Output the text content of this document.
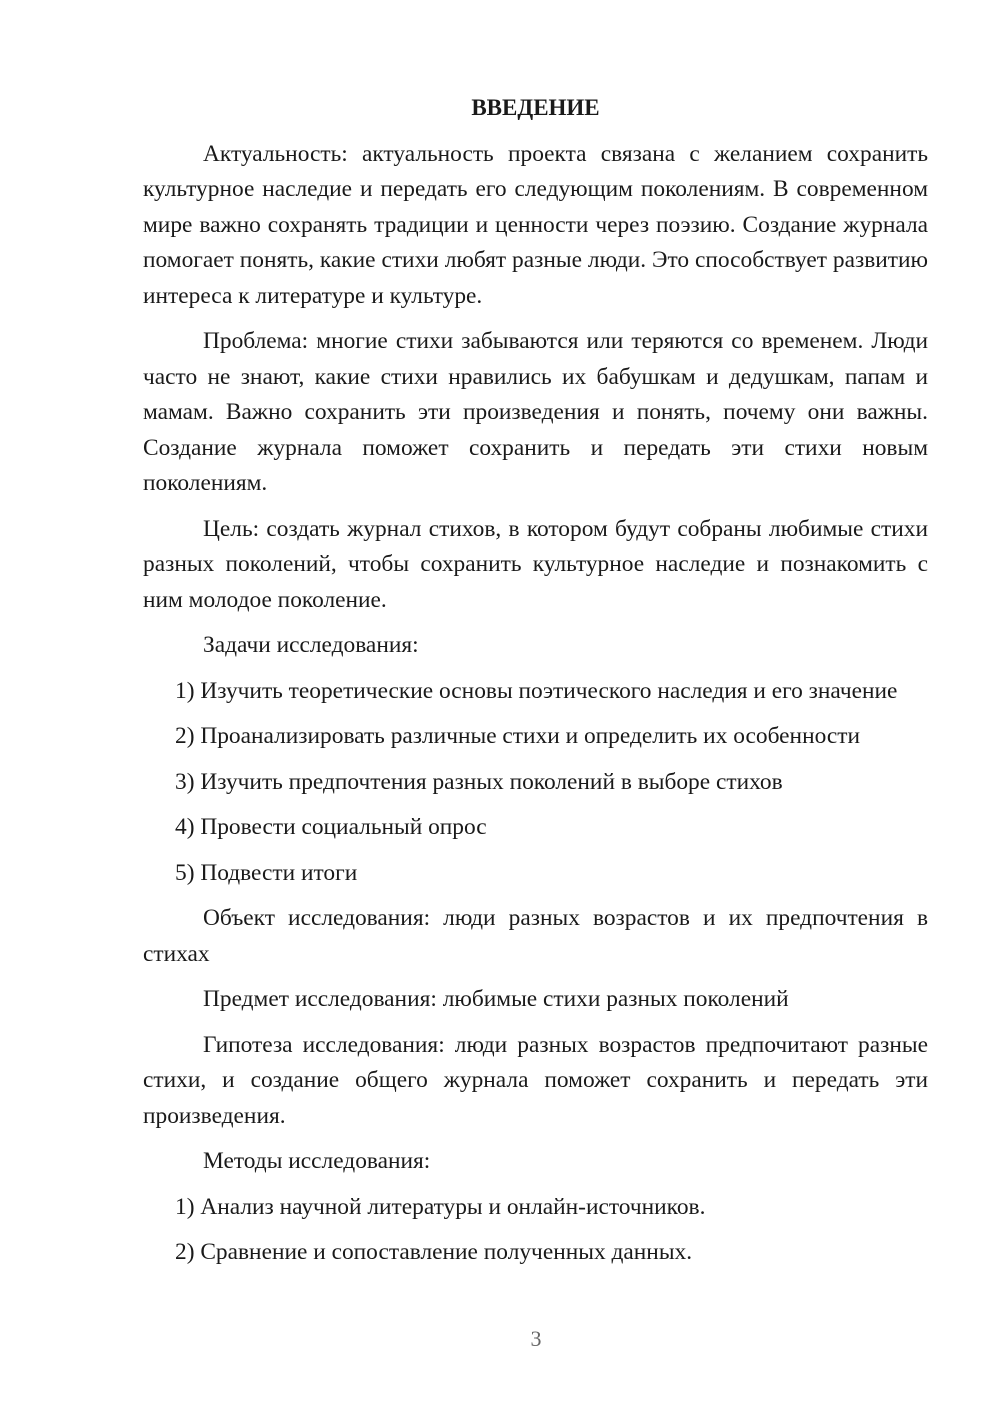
ВВЕДЕНИЕ

Актуальность: актуальность проекта связана с желанием сохранить культурное наследие и передать его следующим поколениям. В современном мире важно сохранять традиции и ценности через поэзию. Создание журнала помогает понять, какие стихи любят разные люди. Это способствует развитию интереса к литературе и культуре.

Проблема: многие стихи забываются или теряются со временем. Люди часто не знают, какие стихи нравились их бабушкам и дедушкам, папам и мамам. Важно сохранить эти произведения и понять, почему они важны. Создание журнала поможет сохранить и передать эти стихи новым поколениям.

Цель: создать журнал стихов, в котором будут собраны любимые стихи разных поколений, чтобы сохранить культурное наследие и познакомить с ним молодое поколение.

Задачи исследования:

1) Изучить теоретические основы поэтического наследия и его значение
2) Проанализировать различные стихи и определить их особенности
3) Изучить предпочтения разных поколений в выборе стихов
4) Провести социальный опрос
5) Подвести итоги

Объект исследования: люди разных возрастов и их предпочтения в стихах

Предмет исследования: любимые стихи разных поколений

Гипотеза исследования: люди разных возрастов предпочитают разные стихи, и создание общего журнала поможет сохранить и передать эти произведения.

Методы исследования:

1) Анализ научной литературы и онлайн-источников.
2) Сравнение и сопоставление полученных данных.
3
